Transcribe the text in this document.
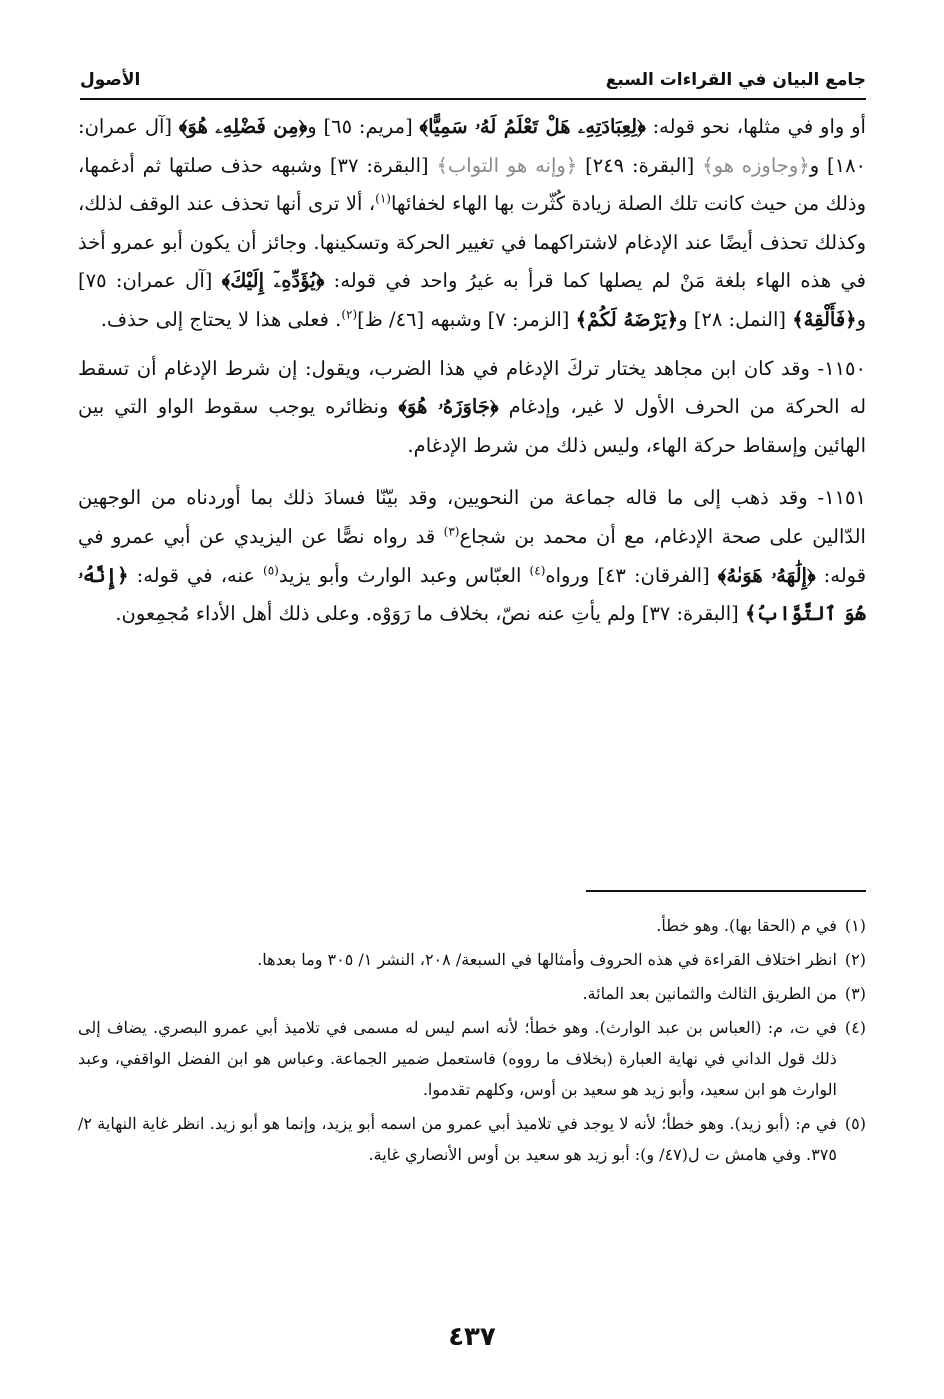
جامع البيان في القراءات السبع
الأصول

أو واو في مثلها، نحو قوله: ﴿لِعِبَادَتِهِۦ هَلْ تَعْلَمُ لَهُۥ سَمِيًّا﴾ [مريم: ٦٥] و﴿مِن فَضْلِهِۦ هُوَ﴾ [آل عمران: ١٨٠] و﴿وجاوزه هو﴾ [البقرة: ٢٤٩] ﴿وإنه هو التواب﴾ [البقرة: ٣٧] وشبهه حذف صلتها ثم أدغمها، وذلك من حيث كانت تلك الصلة زيادة كُثّرت بها الهاء لخفائها$^{(١)}$، ألا ترى أنها تحذف عند الوقف لذلك، وكذلك تحذف أيضًا عند الإدغام لاشتراكهما في تغيير الحركة وتسكينها. وجائز أن يكون أبو عمرو أخذ في هذه الهاء بلغة مَنْ لم يصلها كما قرأ به غيرُ واحد في قوله: ﴿يُؤَدِّهِۦٓ إِلَيْكَ﴾ [آل عمران: ٧٥] و﴿فَأَلْقِهْ﴾ [النمل: ٢٨] و﴿يَرْضَهُ لَكُمْ﴾ [الزمر: ٧] وشبهه [٤٦/ ظ]$^{(٢)}$. فعلى هذا لا يحتاج إلى حذف.

١١٥٠- وقد كان ابن مجاهد يختار تركَ الإدغام في هذا الضرب، ويقول: إن شرط الإدغام أن تسقط له الحركة من الحرف الأول لا غير، وإدغام ﴿جَاوَزَهُۥ هُوَ﴾ ونظائره يوجب سقوط الواو التي بين الهائين وإسقاط حركة الهاء، وليس ذلك من شرط الإدغام.

١١٥١- وقد ذهب إلى ما قاله جماعة من النحويين، وقد بيّنّا فسادَ ذلك بما أوردناه من الوجهين الدّالين على صحة الإدغام، مع أن محمد بن شجاع$^{(٣)}$ قد رواه نصًّا عن اليزيدي عن أبي عمرو في قوله: ﴿إِلَٰهَهُۥ هَوَىٰهُ﴾ [الفرقان: ٤٣] ورواه$^{(٤)}$ العبّاس وعبد الوارث وأبو يزيد$^{(٥)}$ عنه، في قوله: ﴿إِنَّهُۥ هُوَ ٱلتَّوَّابُ﴾ [البقرة: ٣٧] ولم يأتِ عنه نصّ، بخلاف ما رَوَوْه. وعلى ذلك أهل الأداء مُجمِعون.

(١)
في م (الحقا بها). وهو خطأ.
(٢)
انظر اختلاف القراءة في هذه الحروف وأمثالها في السبعة/ ٢٠٨، النشر ١/ ٣٠٥ وما بعدها.
(٣)
من الطريق الثالث والثمانين بعد المائة.
(٤)
في ت، م: (العباس بن عبد الوارث). وهو خطأ؛ لأنه اسم ليس له مسمى في تلاميذ أبي عمرو البصري. يضاف إلى ذلك قول الداني في نهاية العبارة (بخلاف ما رووه) فاستعمل ضمير الجماعة. وعباس هو ابن الفضل الواقفي، وعبد الوارث هو ابن سعيد، وأبو زيد هو سعيد بن أوس، وكلهم تقدموا.
(٥)
في م: (أبو زيد). وهو خطأ؛ لأنه لا يوجد في تلاميذ أبي عمرو من اسمه أبو يزيد، وإنما هو أبو زيد. انظر غاية النهاية ٢/ ٣٧٥. وفي هامش ت ل(٤٧/ و): أبو زيد هو سعيد بن أوس الأنصاري غاية.
٤٣٧
